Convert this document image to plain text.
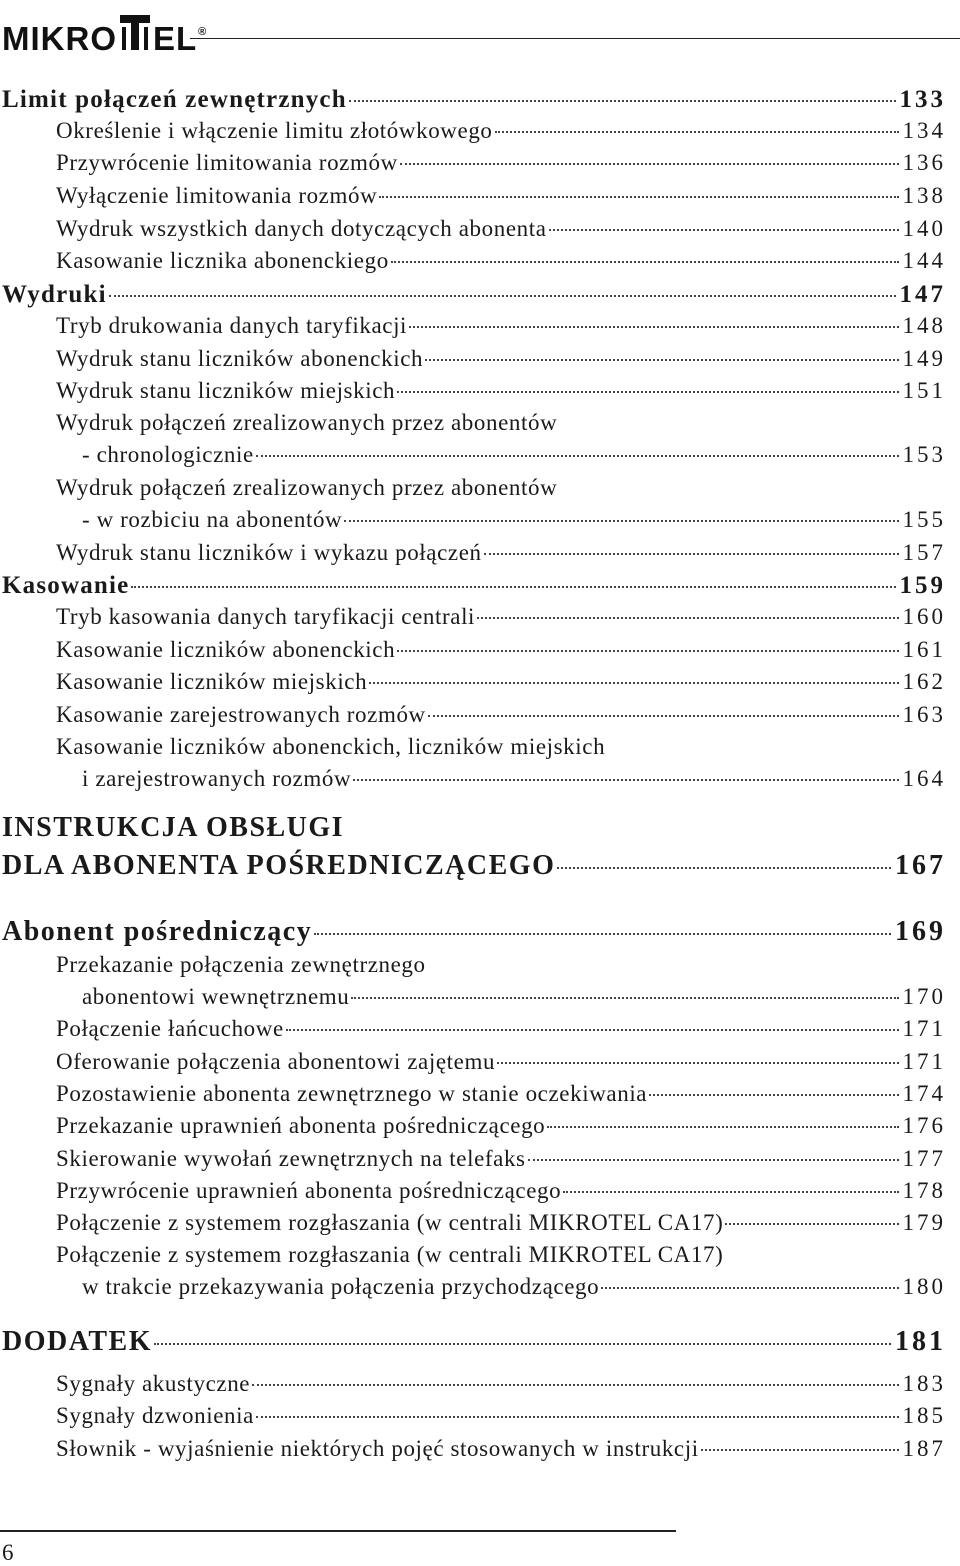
MIKRO EL®
Limit połączeń zewnętrznych	133
Określenie i włączenie limitu złotówkowego	134
Przywrócenie limitowania rozmów	136
Wyłączenie limitowania rozmów	138
Wydruk wszystkich danych dotyczących abonenta	140
Kasowanie licznika abonenckiego	144
Wydruki	147
Tryb drukowania danych taryfikacji	148
Wydruk stanu liczników abonenckich	149
Wydruk stanu liczników miejskich	151
Wydruk połączeń zrealizowanych przez abonentów
- chronologicznie	153
Wydruk połączeń zrealizowanych przez abonentów
- w rozbiciu na abonentów	155
Wydruk stanu liczników i wykazu połączeń	157
Kasowanie	159
Tryb kasowania danych taryfikacji centrali	160
Kasowanie liczników abonenckich	161
Kasowanie liczników miejskich	162
Kasowanie zarejestrowanych rozmów	163
Kasowanie liczników abonenckich, liczników miejskich
i zarejestrowanych rozmów	164
INSTRUKCJA OBSŁUGI
DLA ABONENTA POŚREDNICZĄCEGO	167
Abonent pośredniczący	169
Przekazanie połączenia zewnętrznego
abonentowi wewnętrznemu	170
Połączenie łańcuchowe	171
Oferowanie połączenia abonentowi zajętemu	171
Pozostawienie abonenta zewnętrznego w stanie oczekiwania	174
Przekazanie uprawnień abonenta pośredniczącego	176
Skierowanie wywołań zewnętrznych na telefaks	177
Przywrócenie uprawnień abonenta pośredniczącego	178
Połączenie z systemem rozgłaszania (w centrali MIKROTEL CA17)	179
Połączenie z systemem rozgłaszania (w centrali MIKROTEL CA17)
w trakcie przekazywania połączenia przychodzącego	180
DODATEK	181
Sygnały akustyczne	183
Sygnały dzwonienia	185
Słownik - wyjaśnienie niektórych pojęć stosowanych w instrukcji	187
6
